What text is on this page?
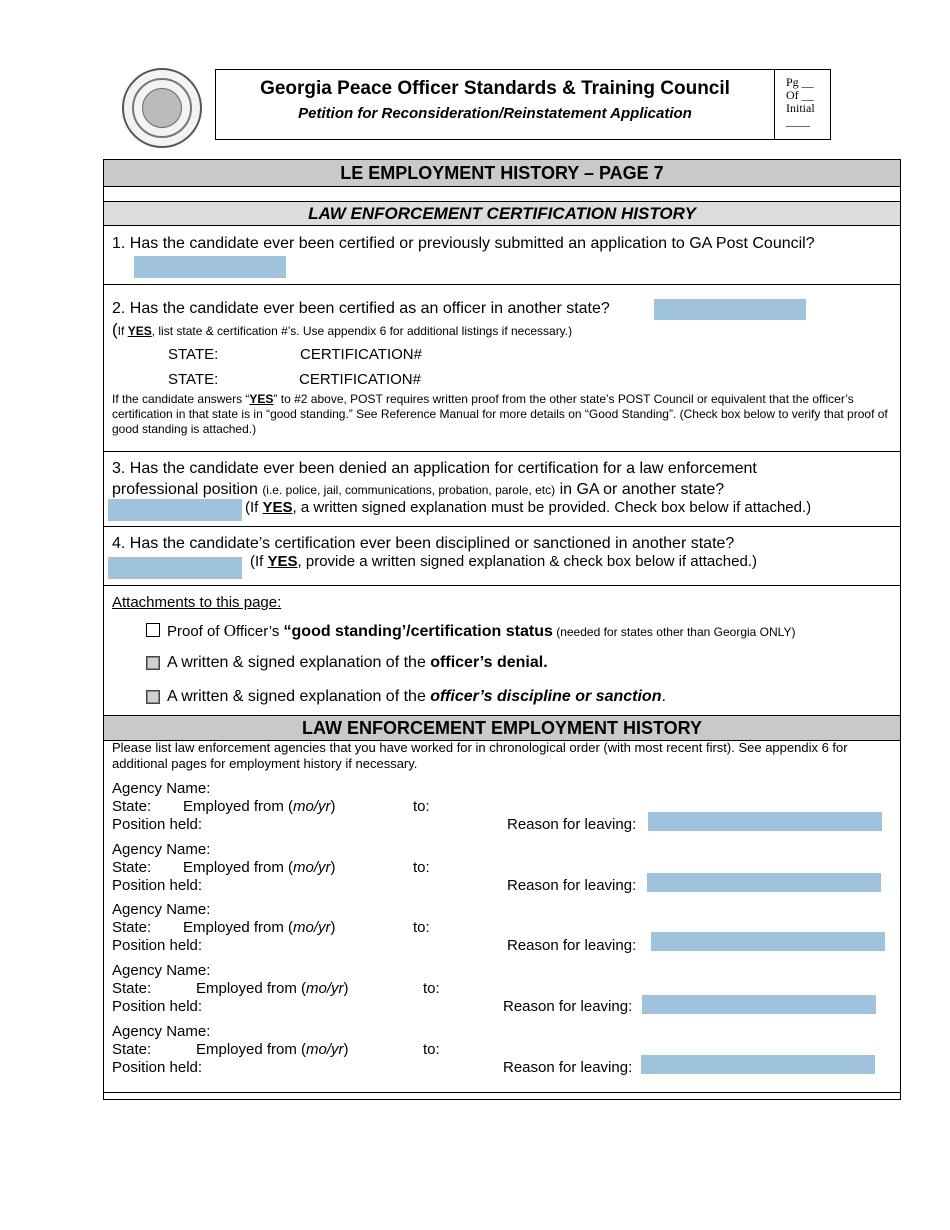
Georgia Peace Officer Standards & Training Council
Petition for Reconsideration/Reinstatement Application
Pg __
Of __
Initial
____
LE EMPLOYMENT HISTORY – PAGE 7
LAW ENFORCEMENT CERTIFICATION HISTORY
1. Has the candidate ever been certified or previously submitted an application to GA Post Council?
2. Has the candidate ever been certified as an officer in another state?
(If YES, list state & certification #’s. Use appendix 6 for additional listings if necessary.)
STATE:	CERTIFICATION#
STATE:	CERTIFICATION#
If the candidate answers “YES” to #2 above, POST requires written proof from the other state’s POST Council or equivalent that the officer’s certification in that state is in “good standing.” See Reference Manual for more details on “Good Standing”. (Check box below to verify that proof of good standing is attached.)
3. Has the candidate ever been denied an application for certification for a law enforcement
professional position (i.e. police, jail, communications, probation, parole, etc) in GA or another state?
(If YES, a written signed explanation must be provided. Check box below if attached.)
4. Has the candidate’s certification ever been disciplined or sanctioned in another state?
(If YES, provide a written signed explanation & check box below if attached.)
Attachments to this page:
Proof of Officer’s “good standing’/certification status (needed for states other than Georgia ONLY)
A written & signed explanation of the officer’s denial.
A written & signed explanation of the officer’s discipline or sanction.
LAW ENFORCEMENT EMPLOYMENT HISTORY
Please list law enforcement agencies that you have worked for in chronological order (with most recent first). See appendix 6 for additional pages for employment history if necessary.
Agency Name:
State: Employed from (mo/yr)	to:
Position held:	Reason for leaving:
Agency Name:
State: Employed from (mo/yr)	to:
Position held:	Reason for leaving:
Agency Name:
State: Employed from (mo/yr)	to:
Position held:	Reason for leaving:
Agency Name:
State:	Employed from (mo/yr)	to:
Position held:	Reason for leaving:
Agency Name:
State:	Employed from (mo/yr)	to:
Position held:	Reason for leaving:
